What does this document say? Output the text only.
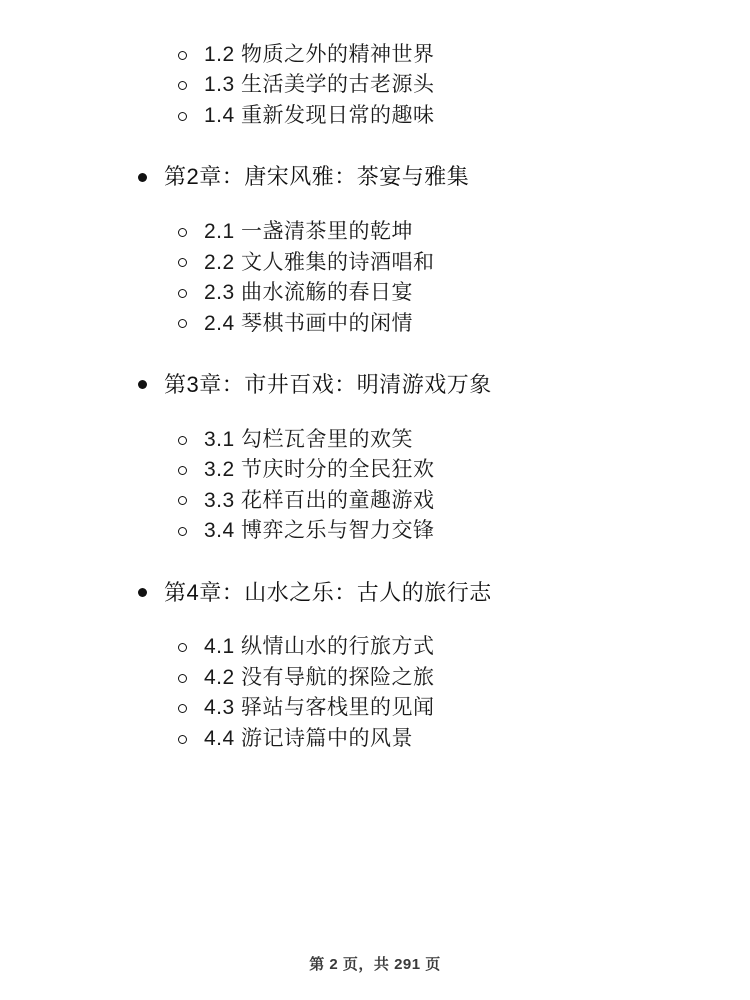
1.2 物质之外的精神世界
1.3 生活美学的古老源头
1.4 重新发现日常的趣味
第2章：唐宋风雅：茶宴与雅集
2.1 一盏清茶里的乾坤
2.2 文人雅集的诗酒唱和
2.3 曲水流觞的春日宴
2.4 琴棋书画中的闲情
第3章：市井百戏：明清游戏万象
3.1 勾栏瓦舍里的欢笑
3.2 节庆时分的全民狂欢
3.3 花样百出的童趣游戏
3.4 博弈之乐与智力交锋
第4章：山水之乐：古人的旅行志
4.1 纵情山水的行旅方式
4.2 没有导航的探险之旅
4.3 驿站与客栈里的见闻
4.4 游记诗篇中的风景
第 2 页，共 291 页
